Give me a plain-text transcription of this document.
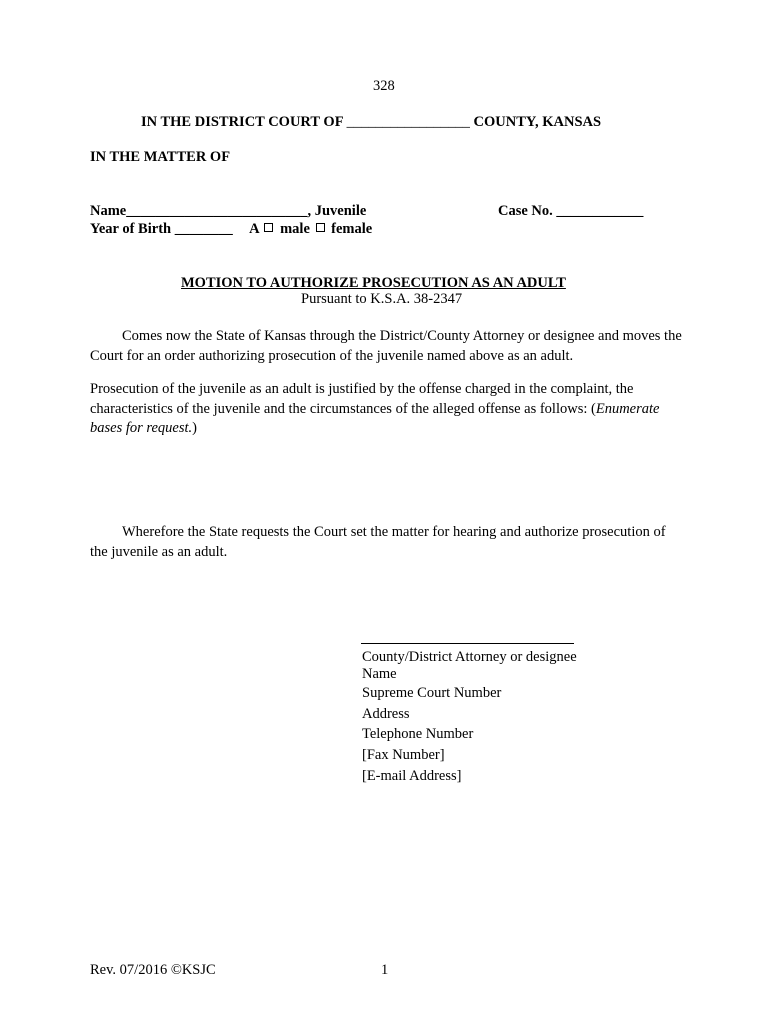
328
IN THE DISTRICT COURT OF _________________ COUNTY, KANSAS
IN THE MATTER OF
Name_________________________, Juvenile	Case No. ____________
Year of Birth ________ A male female
MOTION TO AUTHORIZE PROSECUTION AS AN ADULT
Pursuant to K.S.A. 38-2347
Comes now the State of Kansas through the District/County Attorney or designee and moves the Court for an order authorizing prosecution of the juvenile named above as an adult.
Prosecution of the juvenile as an adult is justified by the offense charged in the complaint, the characteristics of the juvenile and the circumstances of the alleged offense as follows: (Enumerate bases for request.)
Wherefore the State requests the Court set the matter for hearing and authorize prosecution of the juvenile as an adult.
County/District Attorney or designee
Name
Supreme Court Number
Address
Telephone Number
[Fax Number]
[E-mail Address]
Rev. 07/2016 ©KSJC	1
